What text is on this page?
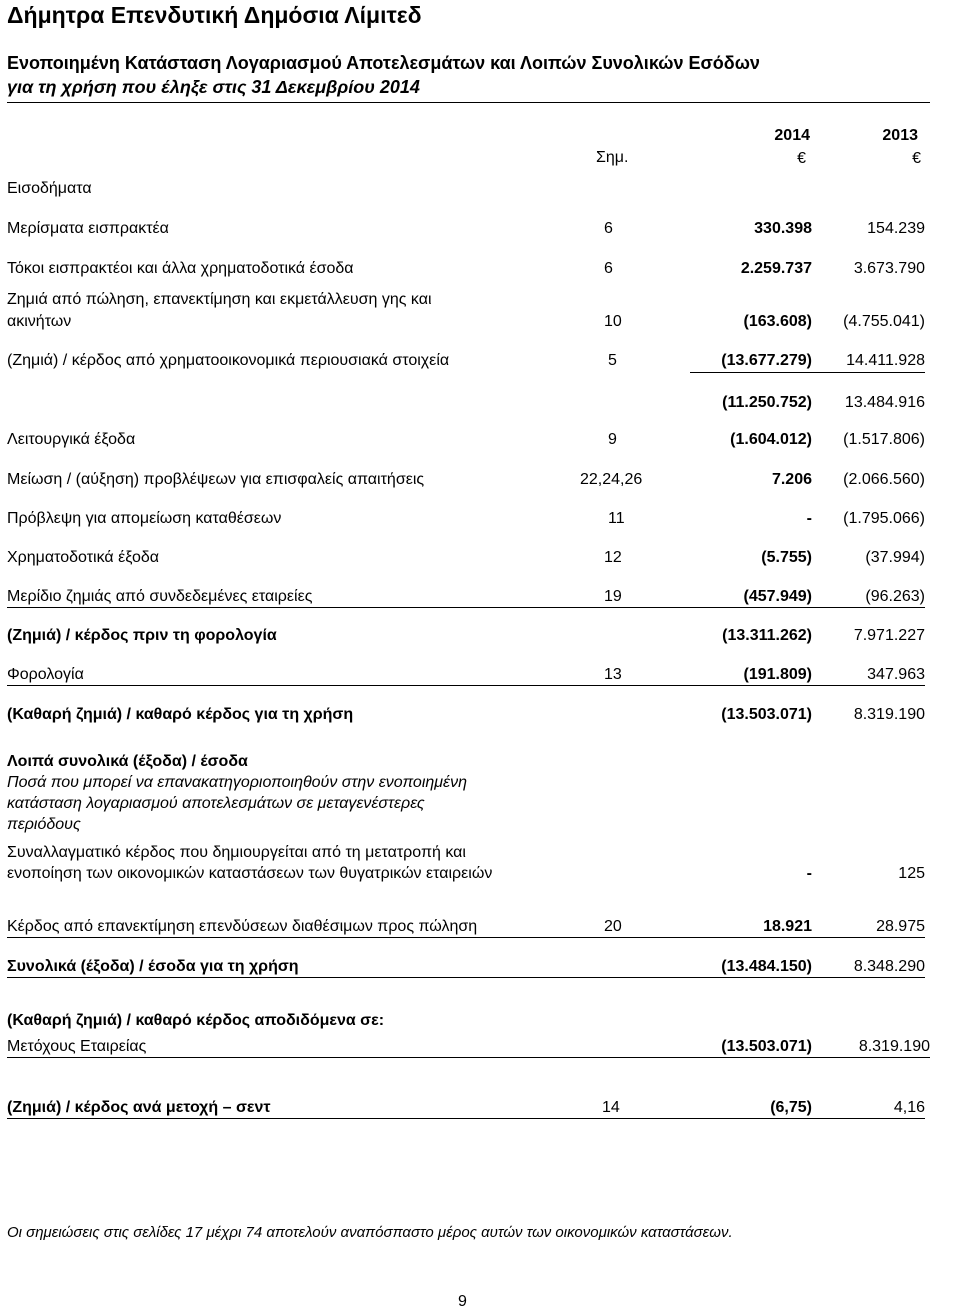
Δήμητρα Επενδυτική Δημόσια Λίμιτεδ
Ενοποιημένη Κατάσταση Λογαριασμού Αποτελεσμάτων και Λοιπών Συνολικών Εσόδων
για τη χρήση που έληξε στις 31 Δεκεμβρίου 2014
Σημ.
2014	2013
€	€
Εισοδήματα
Μερίσματα εισπρακτέα	6	330.398	154.239
Τόκοι εισπρακτέοι και άλλα χρηματοδοτικά έσοδα	6	2.259.737	3.673.790
Ζημιά από πώληση, επανεκτίμηση και εκμετάλλευση γης και
ακινήτων	10	(163.608)	(4.755.041)
(Ζημιά) / κέρδος από χρηματοοικονομικά περιουσιακά στοιχεία	5	(13.677.279)	14.411.928
(11.250.752)	13.484.916
Λειτουργικά έξοδα	9	(1.604.012)	(1.517.806)
Μείωση / (αύξηση) προβλέψεων για επισφαλείς απαιτήσεις	22,24,26	7.206	(2.066.560)
Πρόβλεψη για απομείωση καταθέσεων	11	-	(1.795.066)
Χρηματοδοτικά έξοδα	12	(5.755)	(37.994)
Μερίδιο ζημιάς από συνδεδεμένες εταιρείες	19	(457.949)	(96.263)
(Ζημιά) / κέρδος πριν τη φορολογία	(13.311.262)	7.971.227
Φορολογία	13	(191.809)	347.963
(Καθαρή ζημιά) / καθαρό κέρδος για τη χρήση	(13.503.071)	8.319.190
Λοιπά συνολικά (έξοδα) / έσοδα
Ποσά που μπορεί να επανακατηγοριοποιηθούν στην ενοποιημένη
κατάσταση λογαριασμού αποτελεσμάτων σε μεταγενέστερες
περιόδους
Συναλλαγματικό κέρδος που δημιουργείται από τη μετατροπή και
ενοποίηση των οικονομικών καταστάσεων των θυγατρικών εταιρειών	-	125
Κέρδος από επανεκτίμηση επενδύσεων διαθέσιμων προς πώληση	20	18.921	28.975
Συνολικά (έξοδα) / έσοδα για τη χρήση	(13.484.150)	8.348.290
(Καθαρή ζημιά) / καθαρό κέρδος αποδιδόμενα σε:
Μετόχους Εταιρείας	(13.503.071)	8.319.190
(Ζημιά) / κέρδος ανά μετοχή – σεντ	14	(6,75)	4,16
Οι σημειώσεις στις σελίδες 17 μέχρι 74 αποτελούν αναπόσπαστο μέρος αυτών των οικονομικών καταστάσεων.
9
